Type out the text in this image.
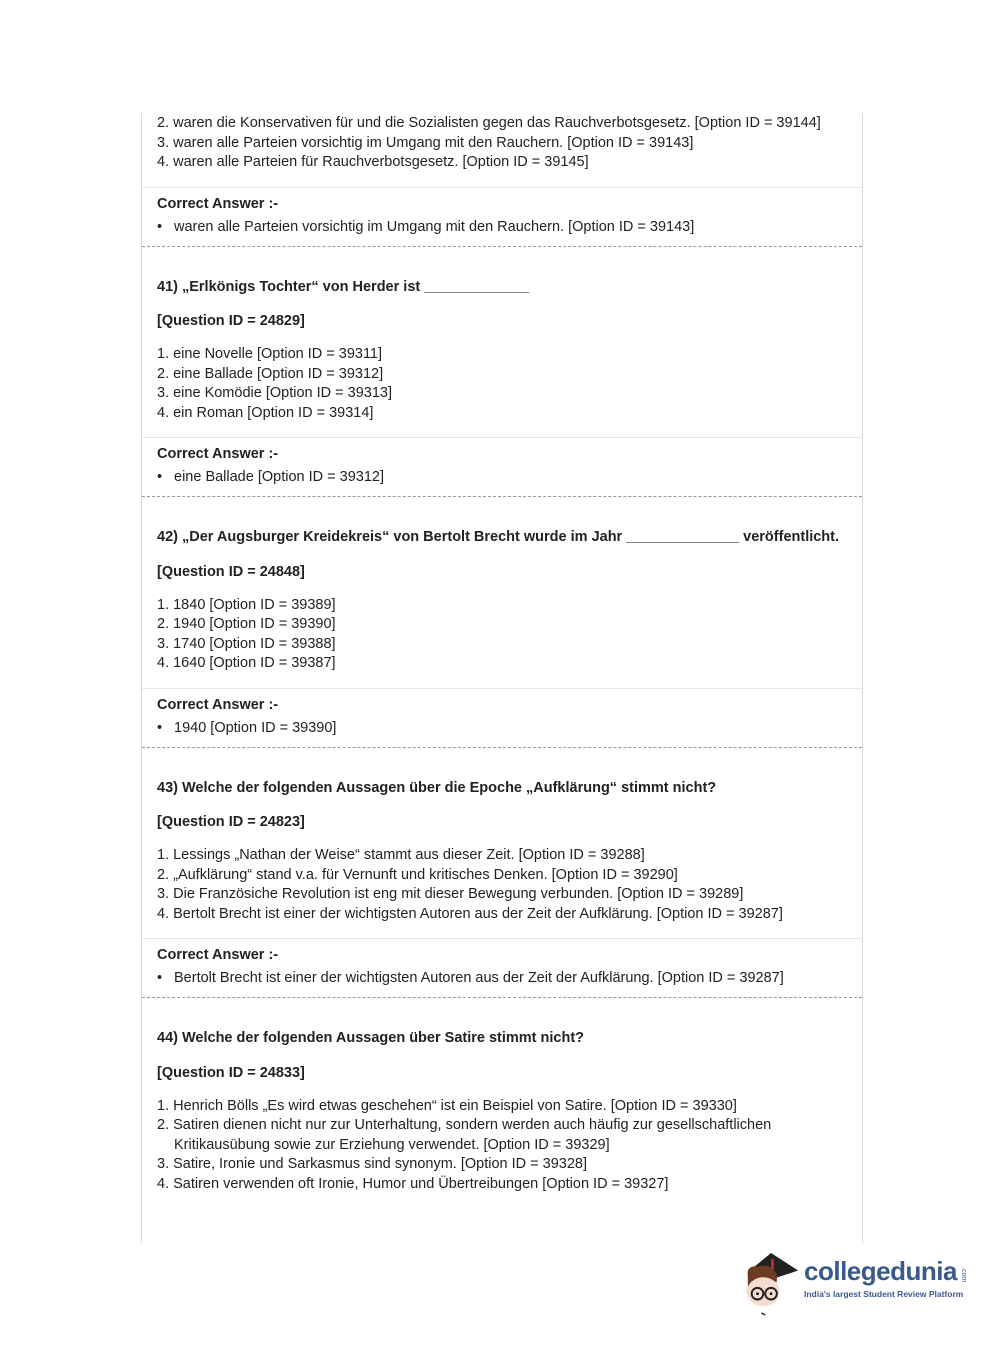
2. waren die Konservativen für und die Sozialisten gegen das Rauchverbotsgesetz. [Option ID = 39144]
3. waren alle Parteien vorsichtig im Umgang mit den Rauchern. [Option ID = 39143]
4. waren alle Parteien für Rauchverbotsgesetz. [Option ID = 39145]
Correct Answer :-
• waren alle Parteien vorsichtig im Umgang mit den Rauchern. [Option ID = 39143]
41) „Erlkönigs Tochter“ von Herder ist _____________
[Question ID = 24829]
1. eine Novelle [Option ID = 39311]
2. eine Ballade [Option ID = 39312]
3. eine Komödie [Option ID = 39313]
4. ein Roman [Option ID = 39314]
Correct Answer :-
• eine Ballade [Option ID = 39312]
42) „Der Augsburger Kreidekreis“ von Bertolt Brecht wurde im Jahr ______________ veröffentlicht.
[Question ID = 24848]
1. 1840 [Option ID = 39389]
2. 1940 [Option ID = 39390]
3. 1740 [Option ID = 39388]
4. 1640 [Option ID = 39387]
Correct Answer :-
• 1940 [Option ID = 39390]
43) Welche der folgenden Aussagen über die Epoche „Aufklärung“ stimmt nicht?
[Question ID = 24823]
1. Lessings „Nathan der Weise“ stammt aus dieser Zeit. [Option ID = 39288]
2. „Aufklärung“ stand v.a. für Vernunft und kritisches Denken. [Option ID = 39290]
3. Die Französiche Revolution ist eng mit dieser Bewegung verbunden. [Option ID = 39289]
4. Bertolt Brecht ist einer der wichtigsten Autoren aus der Zeit der Aufklärung. [Option ID = 39287]
Correct Answer :-
• Bertolt Brecht ist einer der wichtigsten Autoren aus der Zeit der Aufklärung. [Option ID = 39287]
44) Welche der folgenden Aussagen über Satire stimmt nicht?
[Question ID = 24833]
1. Henrich Bölls „Es wird etwas geschehen“ ist ein Beispiel von Satire. [Option ID = 39330]
2. Satiren dienen nicht nur zur Unterhaltung, sondern werden auch häufig zur gesellschaftlichen Kritikausübung sowie zur Erziehung verwendet. [Option ID = 39329]
3. Satire, Ironie und Sarkasmus sind synonym. [Option ID = 39328]
4. Satiren verwenden oft Ironie, Humor und Übertreibungen [Option ID = 39327]
collegedunia .com
India's largest Student Review Platform
